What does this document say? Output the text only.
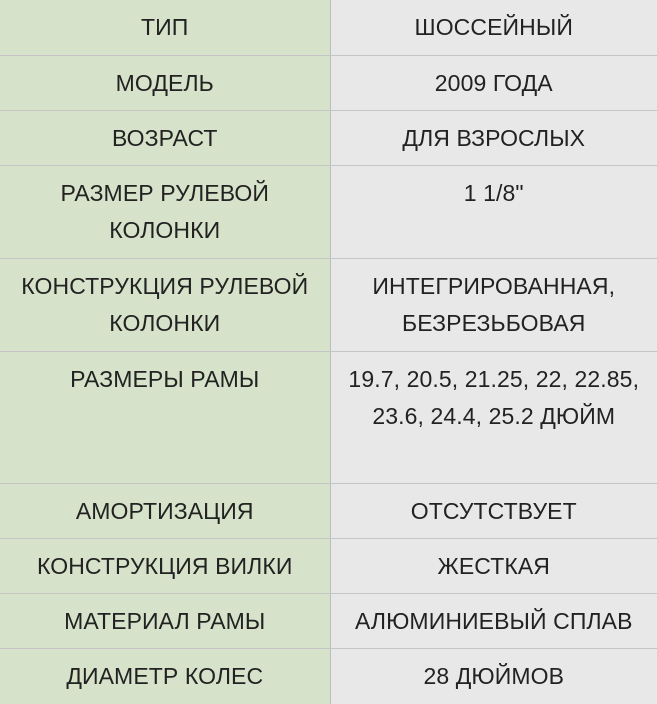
ТИП	ШОССЕЙНЫЙ
МОДЕЛЬ	2009 ГОДА
ВОЗРАСТ	ДЛЯ ВЗРОСЛЫХ
РАЗМЕР РУЛЕВОЙ КОЛОНКИ	1 1/8"
КОНСТРУКЦИЯ РУЛЕВОЙ КОЛОНКИ	ИНТЕГРИРОВАННАЯ, БЕЗРЕЗЬБОВАЯ
РАЗМЕРЫ РАМЫ	19.7, 20.5, 21.25, 22, 22.85, 23.6, 24.4, 25.2 ДЮЙМ
АМОРТИЗАЦИЯ	ОТСУТСТВУЕТ
КОНСТРУКЦИЯ ВИЛКИ	ЖЕСТКАЯ
МАТЕРИАЛ РАМЫ	АЛЮМИНИЕВЫЙ СПЛАВ
ДИАМЕТР КОЛЕС	28 ДЮЙМОВ
